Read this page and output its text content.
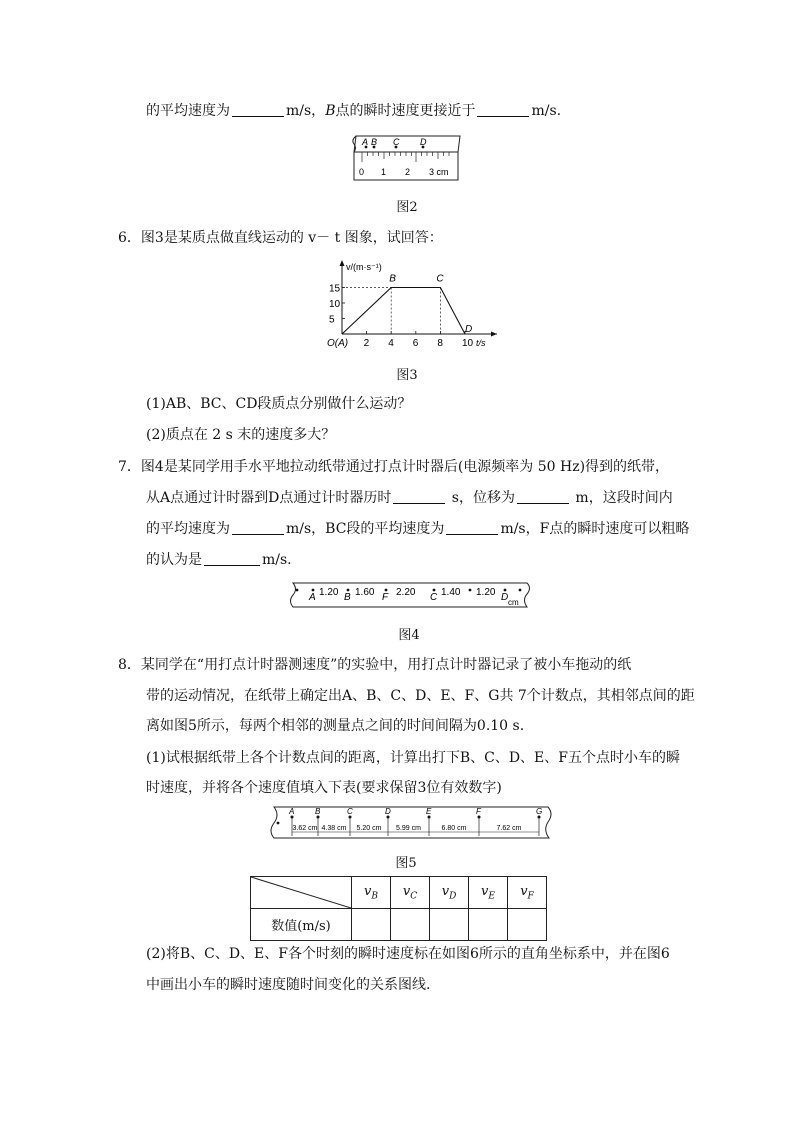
的平均速度为	m/s，B点的瞬时速度更接近于	m/s.
A B C D
0 1 2 3 cm
图2
6．图3是某质点做直线运动的 v－ t 图象，试回答：
v/(m·s⁻¹)
t/s
O(A)
5
10
15
2 4 6 8 10
B	C
D
图3
(1)AB、BC、CD段质点分别做什么运动？
(2)质点在 2 s 末的速度多大？
7．图4是某同学用手水平地拉动纸带通过打点计时器后(电源频率为 50 Hz)得到的纸带，
从A点通过计时器到D点通过计时器历时	s，位移为	m，这段时间内
的平均速度为	m/s，BC段的平均速度为	m/s，F点的瞬时速度可以粗略
的认为是	m/s.
A	B	F	C	D
1.20 1.60 2.20	1.40 1.20
cm
图4
8．某同学在“用打点计时器测速度”的实验中，用打点计时器记录了被小车拖动的纸
带的运动情况，在纸带上确定出A、B、C、D、E、F、G共 7个计数点，其相邻点间的距
离如图5所示，每两个相邻的测量点之间的时间间隔为0.10 s.
(1)试根据纸带上各个计数点间的距离，计算出打下B、C、D、E、F五个点时小车的瞬
时速度，并将各个速度值填入下表(要求保留3位有效数字)
A	B	C	D	E	F	G
3.62 cm 4.38 cm 5.20 cm 5.99 cm	6.80 cm	7.62 cm
图5
	$v_B$	$v_C$	$v_D$	$v_E$	$v_F$
数值(m/s)					
(2)将B、C、D、E、F各个时刻的瞬时速度标在如图6所示的直角坐标系中，并在图6
中画出小车的瞬时速度随时间变化的关系图线.
